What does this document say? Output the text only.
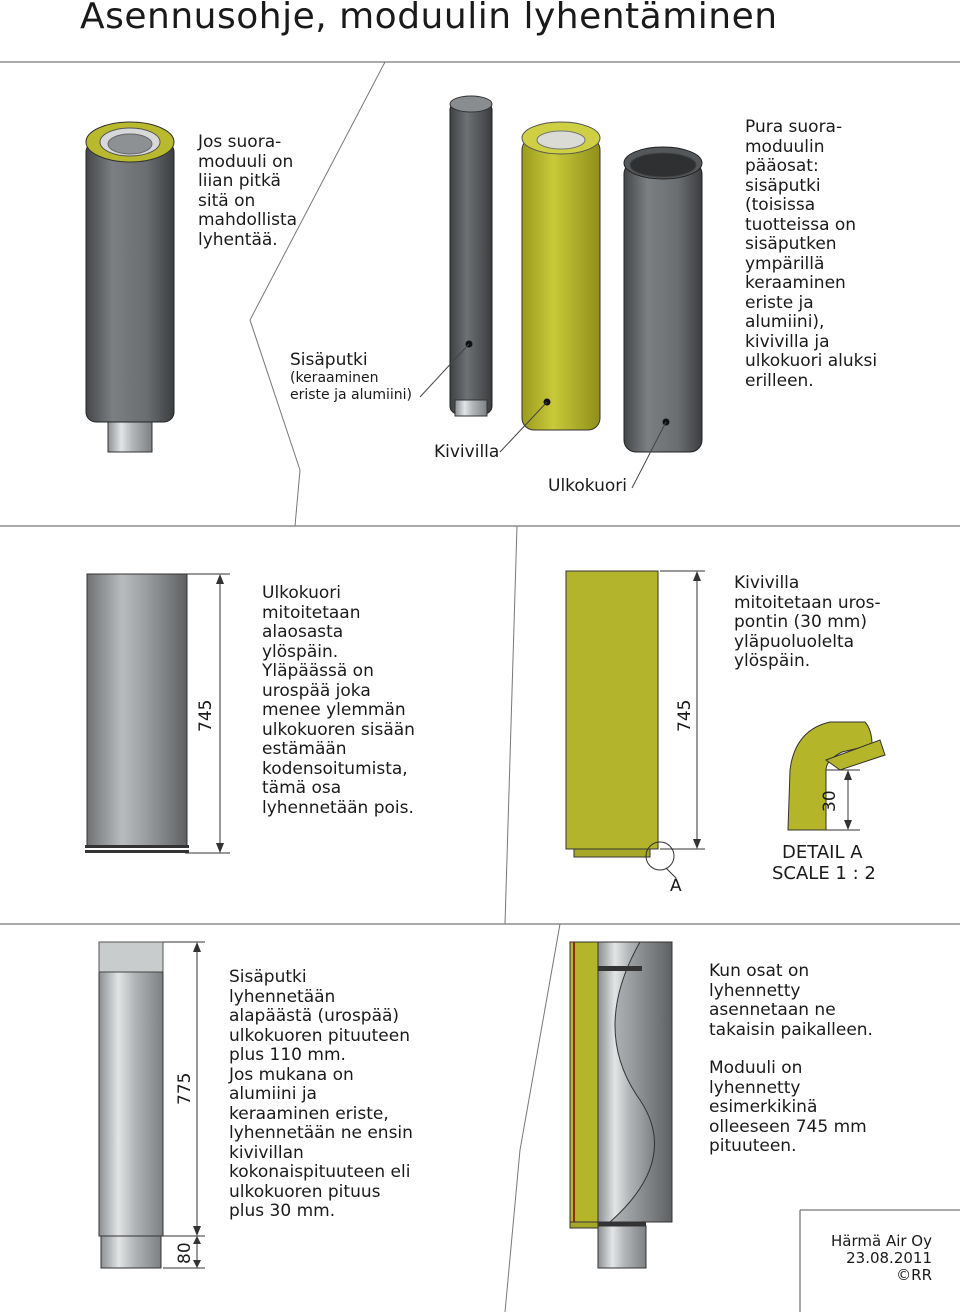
Asennusohje, moduulin lyhentäminen
Jos suora-
moduuli on
liian pitkä
sitä on
mahdollista
lyhentää.
Sisäputki
(keraaminen
eriste ja alumiini)
Kivivilla
Ulkokuori
Pura suora-
moduulin
pääosat:
sisäputki
(toisissa
tuotteissa on
sisäputken
ympärillä
keraaminen
eriste ja
alumiini),
kivivilla ja
ulkokuori aluksi
erilleen.
745
Ulkokuori
mitoitetaan
alaosasta
ylöspäin.
Yläpäässä on
urospää joka
menee ylemmän
ulkokuoren sisään
estämään
kodensoitumista,
tämä osa
lyhennetään pois.
745
Kivivilla
mitoitetaan uros-
pontin (30 mm)
yläpuoluolelta
ylöspäin.
30
A
DETAIL A
SCALE 1 : 2
775
80
Sisäputki
lyhennetään
alapäästä (urospää)
ulkokuoren pituuteen
plus 110 mm.
Jos mukana on
alumiini ja
keraaminen eriste,
lyhennetään ne ensin
kivivillan
kokonaispituuteen eli
ulkokuoren pituus
plus 30 mm.
Kun osat on
lyhennetty
asennetaan ne
takaisin paikalleen.
Moduuli on
lyhennetty
esimerkikinä
olleeseen 745 mm
pituuteen.
Härmä Air Oy
23.08.2011
©RR
